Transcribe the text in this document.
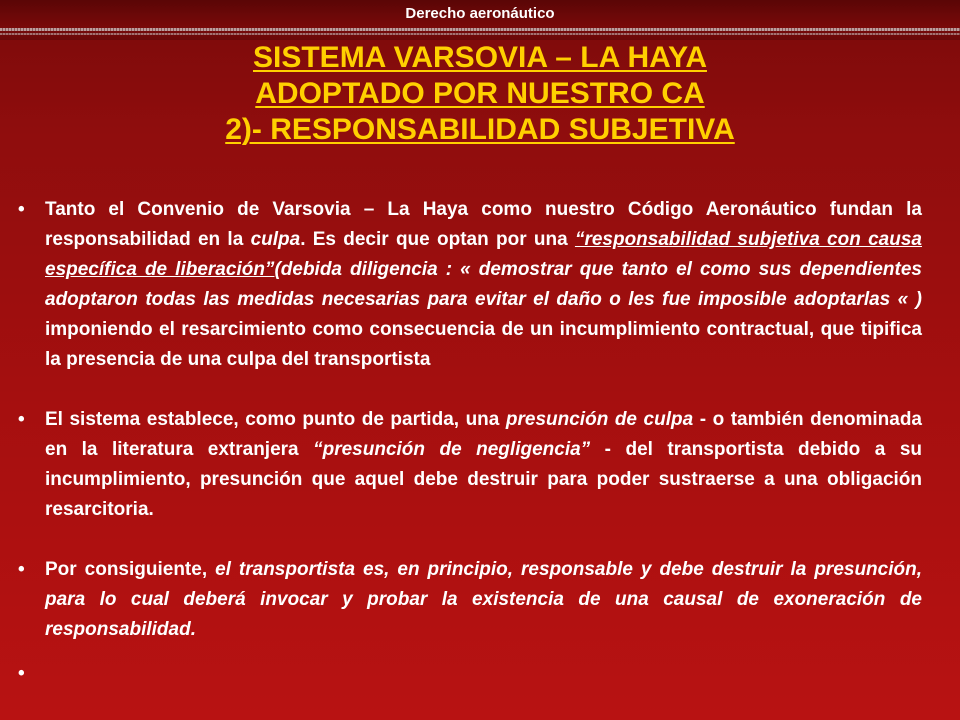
Derecho aeronáutico
SISTEMA VARSOVIA – LA HAYA
ADOPTADO POR NUESTRO CA
2)- RESPONSABILIDAD SUBJETIVA
• Tanto el Convenio de Varsovia – La Haya como nuestro Código Aeronáutico fundan la responsabilidad en la culpa. Es decir que optan por una “responsabilidad subjetiva con causa específica de liberación”(debida diligencia : « demostrar que tanto el como sus dependientes adoptaron todas las medidas necesarias para evitar el daño o les fue imposible adoptarlas « ) imponiendo el resarcimiento como consecuencia de un incumplimiento contractual, que tipifica la presencia de una culpa del transportista
• El sistema establece, como punto de partida, una presunción de culpa - o también denominada en la literatura extranjera “presunción de negligencia” - del transportista debido a su incumplimiento, presunción que aquel debe destruir para poder sustraerse a una obligación resarcitoria.
• Por consiguiente, el transportista es, en principio, responsable y debe destruir la presunción, para lo cual deberá invocar y probar la existencia de una causal de exoneración de responsabilidad.
